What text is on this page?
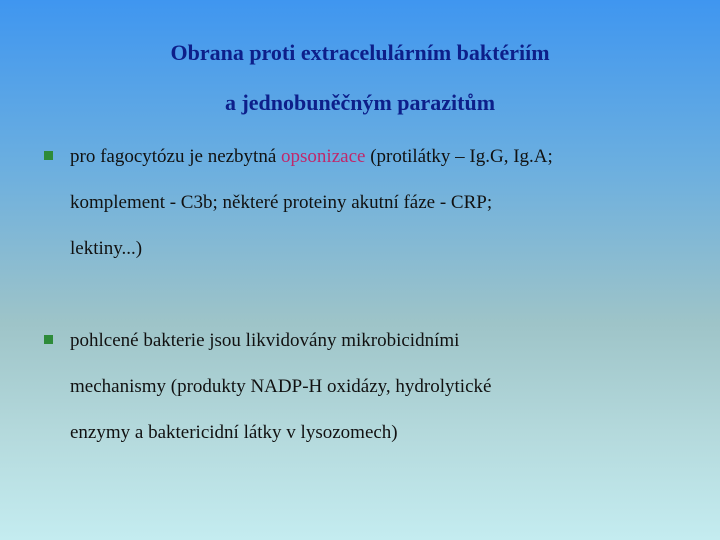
Obrana proti extracelulárním baktériím
a jednobuněčným parazitům
pro fagocytózu je nezbytná opsonizace (protilátky – Ig.G, Ig.A;
komplement - C3b; některé proteiny akutní fáze - CRP;
lektiny...)
pohlcené bakterie jsou likvidovány mikrobicidními
mechanismy (produkty NADP-H oxidázy, hydrolytické
enzymy a baktericidní látky v lysozomech)
